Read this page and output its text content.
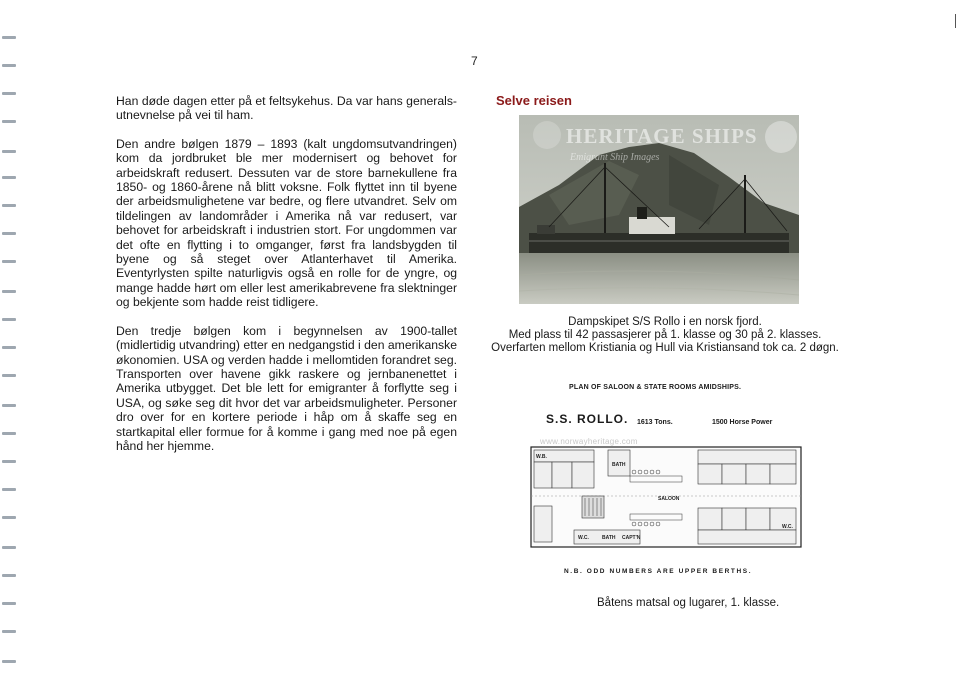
7

Han døde dagen etter på et feltsykehus. Da var hans generals-utnevnelse på vei til ham.

Den andre bølgen 1879 – 1893 (kalt ungdomsutvandringen) kom da jordbruket ble mer modernisert og behovet for arbeidskraft redusert. Dessuten var de store barnekullene fra 1850- og 1860-årene nå blitt voksne. Folk flyttet inn til byene der arbeidsmulighetene var bedre, og flere utvandret. Selv om tildelingen av landområder i Amerika nå var redusert, var behovet for arbeidskraft i industrien stort. For ungdommen var det ofte en flytting i to omganger, først fra landsbygden til byene og så steget over Atlanterhavet til Amerika. Eventyrlysten spilte naturligvis også en rolle for de yngre, og mange hadde hørt om eller lest amerikabrevene fra slektninger og bekjente som hadde reist tidligere.

Den tredje bølgen kom i begynnelsen av 1900-tallet (midlertidig utvandring) etter en nedgangstid i den amerikanske økonomien. USA og verden hadde i mellomtiden forandret seg. Transporten over havene gikk raskere og jernbanenettet i Amerika utbygget. Det ble lett for emigranter å forflytte seg i USA, og søke seg dit hvor det var arbeidsmuligheter. Personer dro over for en kortere periode i håp om å skaffe seg en startkapital eller formue for å komme i gang med noe på egen hånd her hjemme.

Selve reisen
HERITAGE SHIPS
Emigrant Ship Images
Dampskipet S/S Rollo i en norsk fjord.
Med plass til 42 passasjerer på 1. klasse og 30 på 2. klasses.
Overfarten mellom Kristiania og Hull via Kristiansand tok ca. 2 døgn.
PLAN OF SALOON & STATE ROOMS AMIDSHIPS.
S.S. ROLLO. 1613 Tons.	1500 Horse Power
www.norwayheritage.com
SALOON
BATH
W.B.
W.C.	BATH CAPT'N
W.C.
N.B. ODD NUMBERS ARE UPPER BERTHS.
Båtens matsal og lugarer, 1. klasse.
